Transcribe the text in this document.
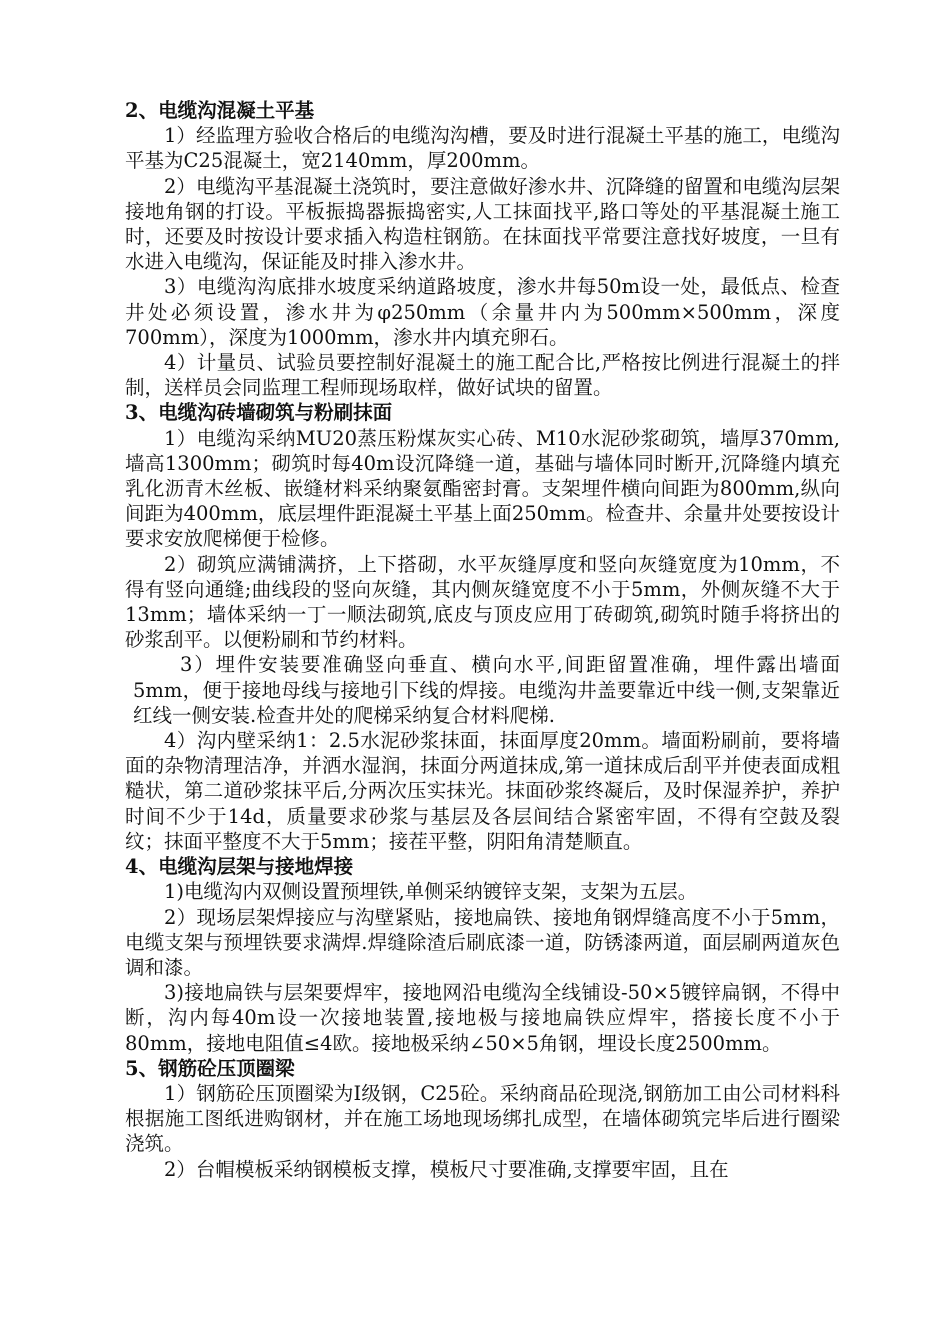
2、电缆沟混凝土平基

1）经监理方验收合格后的电缆沟沟槽，要及时进行混凝土平基的施工，电缆沟平基为C25混凝土，宽2140mm，厚200mm。

2）电缆沟平基混凝土浇筑时，要注意做好渗水井、沉降缝的留置和电缆沟层架接地角钢的打设。平板振捣器振捣密实,人工抹面找平,路口等处的平基混凝土施工时，还要及时按设计要求插入构造柱钢筋。在抹面找平常要注意找好坡度，一旦有水进入电缆沟，保证能及时排入渗水井。

3）电缆沟沟底排水坡度采纳道路坡度，渗水井每50m设一处，最低点、检查井处必须设置，渗水井为φ250mm（余量井内为500mm×500mm，深度700mm），深度为1000mm，渗水井内填充卵石。

4）计量员、试验员要控制好混凝土的施工配合比,严格按比例进行混凝土的拌制，送样员会同监理工程师现场取样，做好试块的留置。

3、电缆沟砖墙砌筑与粉刷抹面

1）电缆沟采纳MU20蒸压粉煤灰实心砖、M10水泥砂浆砌筑，墙厚370mm,墙高1300mm；砌筑时每40m设沉降缝一道，基础与墙体同时断开,沉降缝内填充乳化沥青木丝板、嵌缝材料采纳聚氨酯密封膏。支架埋件横向间距为800mm,纵向间距为400mm，底层埋件距混凝土平基上面250mm。检查井、余量井处要按设计要求安放爬梯便于检修。

2）砌筑应满铺满挤，上下搭砌，水平灰缝厚度和竖向灰缝宽度为10mm，不得有竖向通缝;曲线段的竖向灰缝，其内侧灰缝宽度不小于5mm，外侧灰缝不大于13mm；墙体采纳一丁一顺法砌筑,底皮与顶皮应用丁砖砌筑,砌筑时随手将挤出的砂浆刮平。以便粉刷和节约材料。

3）埋件安装要准确竖向垂直、横向水平,间距留置准确，埋件露出墙面5mm，便于接地母线与接地引下线的焊接。电缆沟井盖要靠近中线一侧,支架靠近红线一侧安装.检查井处的爬梯采纳复合材料爬梯.

4）沟内壁采纳1：2.5水泥砂浆抹面，抹面厚度20mm。墙面粉刷前，要将墙面的杂物清理洁净，并洒水湿润，抹面分两道抹成,第一道抹成后刮平并使表面成粗糙状，第二道砂浆抹平后,分两次压实抹光。抹面砂浆终凝后，及时保湿养护，养护时间不少于14d，质量要求砂浆与基层及各层间结合紧密牢固，不得有空鼓及裂纹；抹面平整度不大于5mm；接茬平整，阴阳角清楚顺直。

4、电缆沟层架与接地焊接

1)电缆沟内双侧设置预埋铁,单侧采纳镀锌支架，支架为五层。

2）现场层架焊接应与沟壁紧贴，接地扁铁、接地角钢焊缝高度不小于5mm，电缆支架与预埋铁要求满焊.焊缝除渣后刷底漆一道，防锈漆两道，面层刷两道灰色调和漆。

3)接地扁铁与层架要焊牢，接地网沿电缆沟全线铺设-50×5镀锌扁钢，不得中断，沟内每40m设一次接地装置,接地极与接地扁铁应焊牢，搭接长度不小于80mm，接地电阻值≤4欧。接地极采纳∠50×5角钢，埋设长度2500mm。

5、钢筋砼压顶圈梁

1）钢筋砼压顶圈梁为Ⅰ级钢，C25砼。采纳商品砼现浇,钢筋加工由公司材料科根据施工图纸进购钢材，并在施工场地现场绑扎成型，在墙体砌筑完毕后进行圈梁浇筑。

2）台帽模板采纳钢模板支撑，模板尺寸要准确,支撑要牢固，且在
